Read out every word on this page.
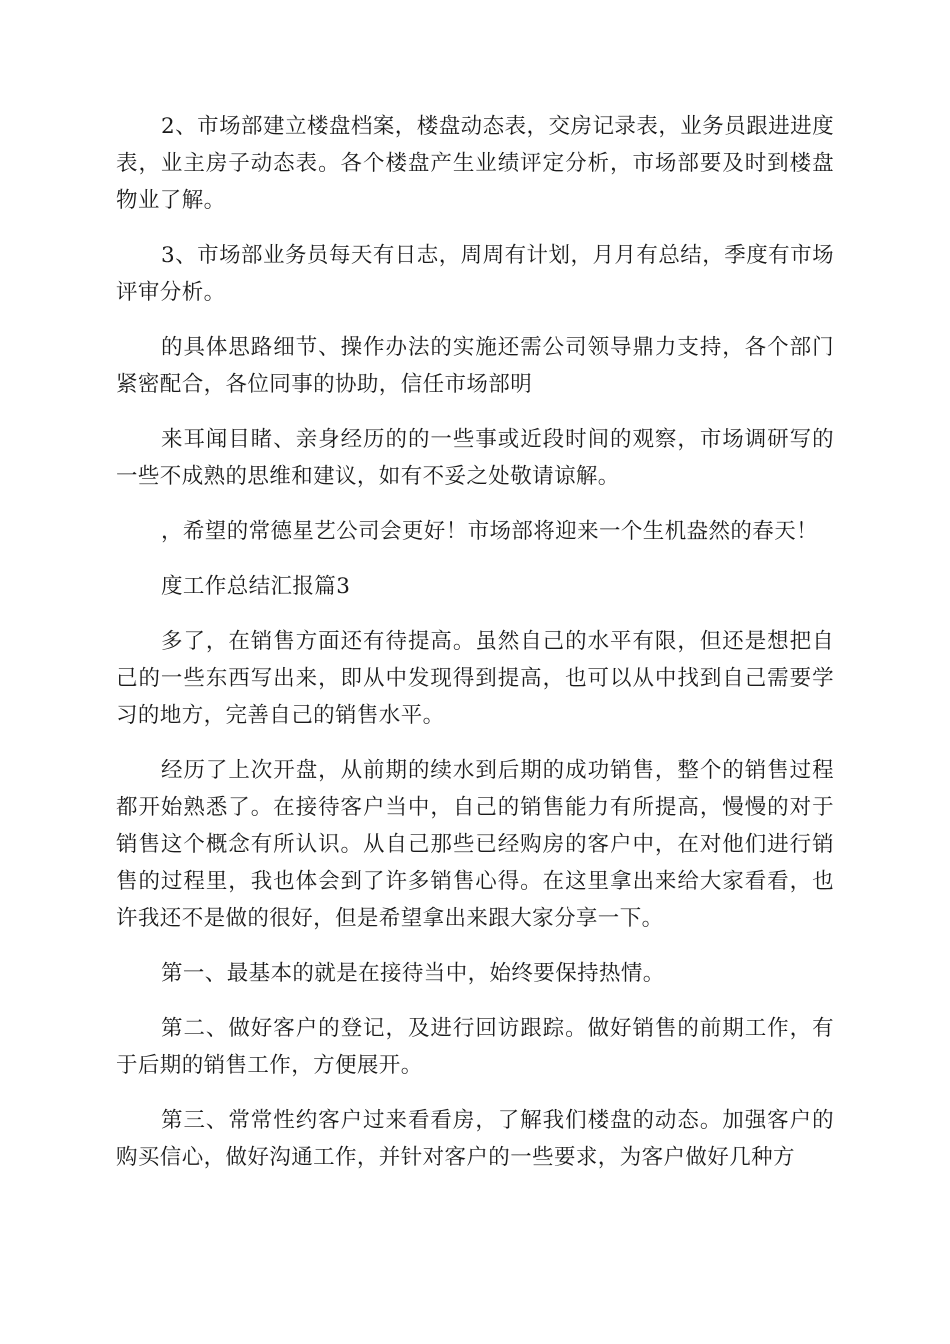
2、市场部建立楼盘档案，楼盘动态表，交房记录表，业务员跟进进度表，业主房子动态表。各个楼盘产生业绩评定分析，市场部要及时到楼盘物业了解。

3、市场部业务员每天有日志，周周有计划，月月有总结，季度有市场评审分析。

的具体思路细节、操作办法的实施还需公司领导鼎力支持，各个部门紧密配合，各位同事的协助，信任市场部明

来耳闻目睹、亲身经历的的一些事或近段时间的观察，市场调研写的一些不成熟的思维和建议，如有不妥之处敬请谅解。

，希望的常德星艺公司会更好！市场部将迎来一个生机盎然的春天！

度工作总结汇报篇3

多了，在销售方面还有待提高。虽然自己的水平有限，但还是想把自己的一些东西写出来，即从中发现得到提高，也可以从中找到自己需要学习的地方，完善自己的销售水平。

经历了上次开盘，从前期的续水到后期的成功销售，整个的销售过程都开始熟悉了。在接待客户当中，自己的销售能力有所提高，慢慢的对于销售这个概念有所认识。从自己那些已经购房的客户中，在对他们进行销售的过程里，我也体会到了许多销售心得。在这里拿出来给大家看看，也许我还不是做的很好，但是希望拿出来跟大家分享一下。

第一、最基本的就是在接待当中，始终要保持热情。

第二、做好客户的登记，及进行回访跟踪。做好销售的前期工作，有于后期的销售工作，方便展开。

第三、常常性约客户过来看看房，了解我们楼盘的动态。加强客户的购买信心，做好沟通工作，并针对客户的一些要求，为客户做好几种方
